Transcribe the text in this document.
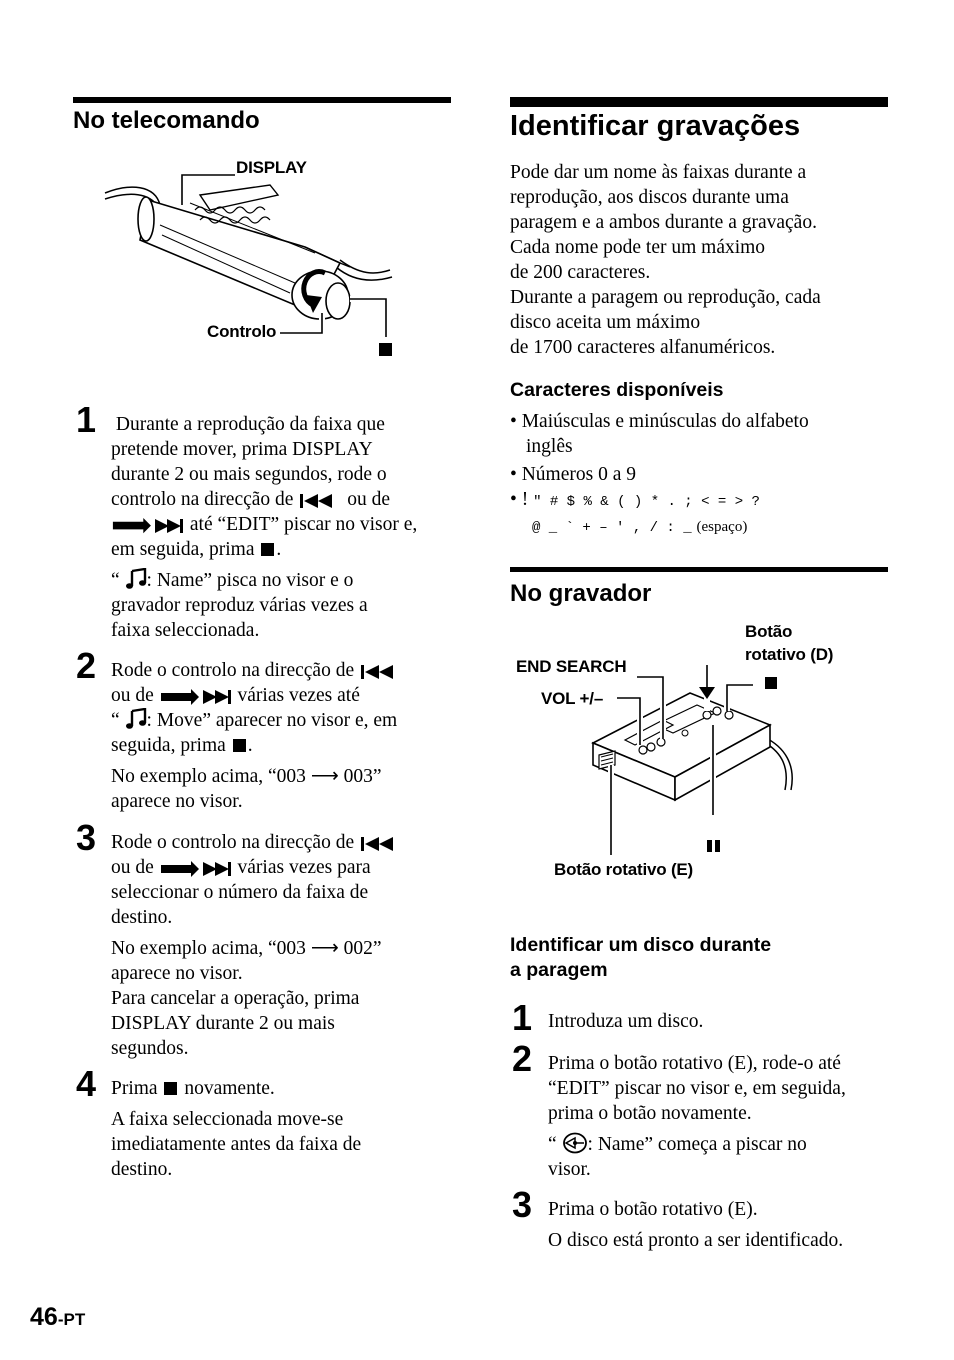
No telecomando
DISPLAY
Controlo
1 Durante a reprodução da faixa que

pretende mover, prima DISPLAY

durante 2 ou mais segundos, rode o

controlo na direcção de	ou de

até “EDIT” piscar no visor e,

em seguida, prima .

“ : Name” pisca no visor e o

gravador reproduz várias vezes a

faixa seleccionada.

2 Rode o controlo na direcção de

ou de	várias vezes até

“ : Move” aparecer no visor e, em

seguida, prima .

No exemplo acima, “003 ⟶ 003”

aparece no visor.

3 Rode o controlo na direcção de

ou de	várias vezes para

seleccionar o número da faixa de

destino.

No exemplo acima, “003 ⟶ 002”

aparece no visor.

Para cancelar a operação, prima

DISPLAY durante 2 ou mais

segundos.

4 Prima novamente.

A faixa seleccionada move-se

imediatamente antes da faixa de

destino.

Identificar gravações

Pode dar um nome às faixas durante a

reprodução, aos discos durante uma

paragem e a ambos durante a gravação.

Cada nome pode ter um máximo

de 200 caracteres.

Durante a paragem ou reprodução, cada

disco aceita um máximo

de 1700 caracteres alfanuméricos.

Caracteres disponíveis

• Maiúsculas e minúsculas do alfabeto

inglês

• Números 0 a 9

• ! " # $ % & ( ) * . ; < = > ?

@ _ ` + – ' , / : _ (espaço)

No gravador
END SEARCH
VOL +/–
Botão
rotativo (D)
Botão rotativo (E)
Identificar um disco durante
a paragem
1 Introduza um disco.
2 Prima o botão rotativo (E), rode-o até

“EDIT” piscar no visor e, em seguida,

prima o botão novamente.

“ : Name” começa a piscar no

visor.

3 Prima o botão rotativo (E).

O disco está pronto a ser identificado.

46-PT
